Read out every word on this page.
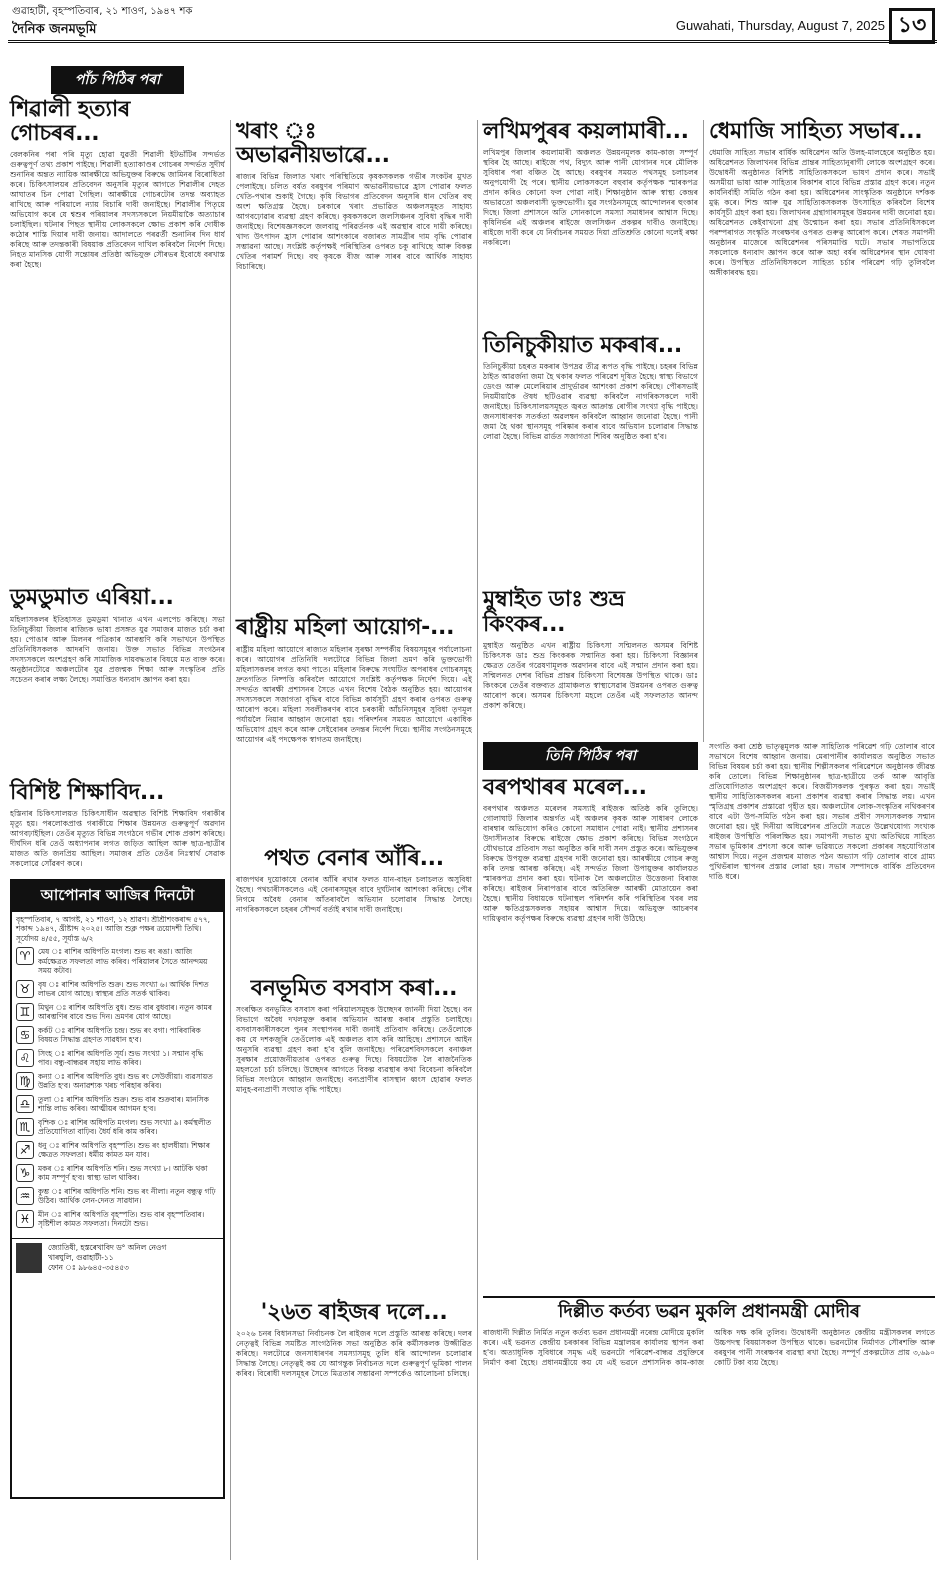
গুৱাহাটী, বৃহস্পতিবাৰ, ২১ শাওণ, ১৯৪৭ শক
দৈনিক জনমভূমি	Guwahati, Thursday, August 7, 2025 ১৩
পাঁচ পিঠিৰ পৰা
শিৱালী হত্যাৰ গোচৰৰ...
বেলকনিৰ পৰা পৰি মৃত্যু হোৱা যুৱতী শিৱালী ইটভাঁটিৰ সন্দৰ্ভত গুৰুত্বপূৰ্ণ তথ্য প্ৰকাশ পাইছে। শিৱালী হত্যাকাণ্ডৰ গোচৰৰ সন্দৰ্ভত সুদীৰ্ঘ শুনানিৰ অন্তত ন্যায়িক আৰক্ষীয়ে অভিযুক্তৰ বিৰুদ্ধে জামিনৰ বিৰোধিতা কৰে। চিকিৎসালয়ৰ প্ৰতিবেদন অনুসৰি মৃত্যুৰ আগতে শিৱালীৰ দেহত আঘাতৰ চিন পোৱা গৈছিল। আৰক্ষীয়ে গোচৰটোৰ তদন্ত অব্যাহত ৰাখিছে আৰু পৰিয়ালে ন্যায় বিচাৰি দাবী জনাইছে। শিৱালীৰ পিতৃয়ে অভিযোগ কৰে যে শ্বশুৰ পৰিয়ালৰ সদস্যসকলে নিয়মীয়াকৈ অত্যাচাৰ চলাইছিল। ঘটনাৰ পিছত স্থানীয় লোকসকলে ক্ষোভ প্ৰকাশ কৰি দোষীক কঠোৰ শাস্তি দিয়াৰ দাবী জনায়। আদালতে পৰৱৰ্তী শুনানিৰ দিন ধাৰ্য কৰিছে আৰু তদন্তকাৰী বিষয়াক প্ৰতিবেদন দাখিল কৰিবলৈ নিৰ্দেশ দিছে। নিহত মানসিক যোগী সন্তোষৰ প্ৰতিষ্ঠা অভিযুক্ত সৌৰভৰ ইবোধে বৰখাস্ত কৰা হৈছে।
ডুমডুমাত এৰিয়া...
মহিলাসকলৰ ইতিহাসত ডুমডুমা খানাত এখন এলপেচ কৰিছে। সভা তিনিচুকীয়া জিলাৰ ৰাজ্যিক ভাষা প্ৰসঙ্গত যুৱ সমাজৰ মাজত চৰ্চা কৰা হয়। পোঙাৰ আৰু মিলনৰ পত্ৰিকাৰ আৰম্ভণি কৰি সভাখনে উপস্থিত প্ৰতিনিধিসকলক আদৰণি জনায়। উক্ত সভাত বিভিন্ন সংগঠনৰ সদস্যসকলে অংশগ্ৰহণ কৰি সামাজিক দায়বদ্ধতাৰ বিষয়ে মত ব্যক্ত কৰে। অনুষ্ঠানটোৱে অঞ্চলটোৰ যুৱ প্ৰজন্মক শিক্ষা আৰু সংস্কৃতিৰ প্ৰতি সচেতন কৰাৰ লক্ষ্য লৈছে। সমাপ্তিত ধন্যবাদ জ্ঞাপন কৰা হয়।
বিশিষ্ট শিক্ষাবিদ...
হস্তিনাৰ চিকিৎসালয়ত চিকিৎসাধীন অৱস্থাত বিশিষ্ট শিক্ষাবিদ গৰাকীৰ মৃত্যু হয়। পৰলোকপ্ৰাপ্ত গৰাকীয়ে শিক্ষাৰ উন্নয়নত গুৰুত্বপূৰ্ণ অৱদান আগবঢ়াইছিল। তেওঁৰ মৃত্যুত বিভিন্ন সংগঠনে গভীৰ শোক প্ৰকাশ কৰিছে। দীৰ্ঘদিন ধৰি তেওঁ অধ্যাপনাৰ লগত জড়িত আছিল আৰু ছাত্ৰ-ছাত্ৰীৰ মাজত অতি জনপ্ৰিয় আছিল। সমাজৰ প্ৰতি তেওঁৰ নিঃস্বাৰ্থ সেৱাক সকলোৱে সোঁৱৰণ কৰে।
আপোনাৰ আজিৰ দিনটো
বৃহস্পতিবাৰ, ৭ আগষ্ট, ২১ শাওণ, ১২ শ্ৰাৱণ। শ্ৰীশ্ৰীশংকৰাব্দ ৫৭৭, শকাব্দ ১৯৪৭, খ্ৰীষ্টাব্দ ২০২৫। আজি শুক্ল পক্ষৰ ত্ৰয়োদশী তিথি। সূৰ্যোদয় ৪/৫৫, সূৰ্যাস্ত ৬/২
♈	মেষ ঃ ৰাশিৰ অধিপতি মংগল। শুভ ৰং ৰঙা। আজি কৰ্মক্ষেত্ৰত সফলতা লাভ কৰিব। পৰিয়ালৰ সৈতে আনন্দময় সময় কটাব।
♉	বৃষ ঃ ৰাশিৰ অধিপতি শুক্ৰ। শুভ সংখ্যা ৬। আৰ্থিক দিশত লাভৰ যোগ আছে। স্বাস্থ্যৰ প্ৰতি সতৰ্ক থাকিব।
♊	মিথুন ঃ ৰাশিৰ অধিপতি বুধ। শুভ বাৰ বুধবাৰ। নতুন কামৰ আৰম্ভণিৰ বাবে শুভ দিন। ভ্ৰমণৰ যোগ আছে।
♋	কৰ্কট ঃ ৰাশিৰ অধিপতি চন্দ্ৰ। শুভ ৰং বগা। পাৰিবাৰিক বিষয়ত সিদ্ধান্ত গ্ৰহণত সাৱধান হ'ব।
♌	সিংহ ঃ ৰাশিৰ অধিপতি সূৰ্য। শুভ সংখ্যা ১। সন্মান বৃদ্ধি পাব। বন্ধু-বান্ধৱৰ সহায় লাভ কৰিব।
♍	কন্যা ঃ ৰাশিৰ অধিপতি বুধ। শুভ ৰং সেউজীয়া। ব্যৱসায়ত উন্নতি হ'ব। অনাৱশ্যক খৰচ পৰিহাৰ কৰিব।
♎	তুলা ঃ ৰাশিৰ অধিপতি শুক্ৰ। শুভ বাৰ শুক্ৰবাৰ। মানসিক শান্তি লাভ কৰিব। আত্মীয়ৰ আগমন হ'ব।
♏	বৃশ্চিক ঃ ৰাশিৰ অধিপতি মংগল। শুভ সংখ্যা ৯। কৰ্মস্থলীত প্ৰতিযোগিতা বাঢ়িব। ধৈৰ্য ধৰি কাম কৰিব।
♐	ধনু ঃ ৰাশিৰ অধিপতি বৃহস্পতি। শুভ ৰং হালধীয়া। শিক্ষাৰ ক্ষেত্ৰত সফলতা। ধৰ্মীয় কামত মন যাব।
♑	মকৰ ঃ ৰাশিৰ অধিপতি শনি। শুভ সংখ্যা ৮। আটকি থকা কাম সম্পূৰ্ণ হ'ব। স্বাস্থ্য ভাল থাকিব।
♒	কুম্ভ ঃ ৰাশিৰ অধিপতি শনি। শুভ ৰং নীলা। নতুন বন্ধুত্ব গঢ়ি উঠিব। আৰ্থিক লেন-দেনত সাৱধান।
♓	মীন ঃ ৰাশিৰ অধিপতি বৃহস্পতি। শুভ বাৰ বৃহস্পতিবাৰ। সৃষ্টিশীল কামত সফলতা। দিনটো শুভ।
জ্যোতিষী, হস্তৰেখাবিদ ড° অনিল নেওগ
খাৰঘুলি, গুৱাহাটী-১১
ফোন ঃ ৯৮৬৪৫-৩৫৪৫৩
খৰাং ঃ অভাৱনীয়ভাৱে...
ৰাজ্যৰ বিভিন্ন জিলাত খৰাং পৰিস্থিতিয়ে কৃষকসকলক গভীৰ সংকটৰ মুখত পেলাইছে। চলিত বৰ্ষত বৰষুণৰ পৰিমাণ অভাৱনীয়ভাৱে হ্ৰাস পোৱাৰ ফলত খেতি-পথাৰ শুকাই গৈছে। কৃষি বিভাগৰ প্ৰতিবেদন অনুসৰি ধান খেতিৰ বহু অংশ ক্ষতিগ্ৰস্ত হৈছে। চৰকাৰে খৰাং প্ৰভাৱিত অঞ্চলসমূহত সাহায্য আগবঢ়োৱাৰ ব্যৱস্থা গ্ৰহণ কৰিছে। কৃষকসকলে জলসিঞ্চনৰ সুবিধা বৃদ্ধিৰ দাবী জনাইছে। বিশেষজ্ঞসকলে জলবায়ু পৰিৱৰ্তনক এই অৱস্থাৰ বাবে দায়ী কৰিছে। খাদ্য উৎপাদন হ্ৰাস পোৱাৰ আশংকাৰে বজাৰত সামগ্ৰীৰ দাম বৃদ্ধি পোৱাৰ সম্ভাৱনা আছে। সংশ্লিষ্ট কৰ্তৃপক্ষই পৰিস্থিতিৰ ওপৰত চকু ৰাখিছে আৰু বিকল্প খেতিৰ পৰামৰ্শ দিছে। বহু কৃষকে বীজ আৰু সাৰৰ বাবে আৰ্থিক সাহায্য বিচাৰিছে।
ৰাষ্ট্ৰীয় মহিলা আয়োগ-...
ৰাষ্ট্ৰীয় মহিলা আয়োগে ৰাজ্যত মহিলাৰ সুৰক্ষা সম্পৰ্কীয় বিষয়সমূহৰ পৰ্যালোচনা কৰে। আয়োগৰ প্ৰতিনিধি দলটোৱে বিভিন্ন জিলা ভ্ৰমণ কৰি ভুক্তভোগী মহিলাসকলৰ লগত কথা পাতে। মহিলাৰ বিৰুদ্ধে সংঘটিত অপৰাধৰ গোচৰসমূহ দ্ৰুতগতিত নিষ্পত্তি কৰিবলৈ আয়োগে সংশ্লিষ্ট কৰ্তৃপক্ষক নিৰ্দেশ দিয়ে। এই সন্দৰ্ভত আৰক্ষী প্ৰশাসনৰ সৈতে এখন বিশেষ বৈঠক অনুষ্ঠিত হয়। আয়োগৰ সদস্যসকলে সজাগতা বৃদ্ধিৰ বাবে বিভিন্ন কাৰ্যসূচী গ্ৰহণ কৰাৰ ওপৰত গুৰুত্ব আৰোপ কৰে। মহিলা সবলীকৰণৰ বাবে চৰকাৰী আঁচনিসমূহৰ সুবিধা তৃণমূল পৰ্যায়লৈ নিয়াৰ আহ্বান জনোৱা হয়। পৰিদৰ্শনৰ সময়ত আয়োগে একাধিক অভিযোগ গ্ৰহণ কৰে আৰু সেইবোৰৰ তদন্তৰ নিৰ্দেশ দিয়ে। স্থানীয় সংগঠনসমূহে আয়োগৰ এই পদক্ষেপক স্বাগতম জনাইছে।
পথত বেনাৰ আঁৰি...
ৰাজপথৰ দুয়োকাষে বেনাৰ আঁৰি ৰখাৰ ফলত যান-বাহন চলাচলত অসুবিধা হৈছে। পথচাৰীসকলেও এই বেনাৰসমূহৰ বাবে দুৰ্ঘটনাৰ আশংকা কৰিছে। পৌৰ নিগমে অবৈধ বেনাৰ আঁতৰাবলৈ অভিযান চলোৱাৰ সিদ্ধান্ত লৈছে। নাগৰিকসকলে চহৰৰ সৌন্দৰ্য বৰ্তাই ৰখাৰ দাবী জনাইছে।
বনভূমিত বসবাস কৰা...
সংৰক্ষিত বনভূমিত বসবাস কৰা পৰিয়ালসমূহক উচ্ছেদৰ জাননী দিয়া হৈছে। বন বিভাগে অবৈধ দখলমুক্ত কৰাৰ অভিযান আৰম্ভ কৰাৰ প্ৰস্তুতি চলাইছে। বসবাসকাৰীসকলে পুনৰ সংস্থাপনৰ দাবী জনাই প্ৰতিবাদ কৰিছে। তেওঁলোকে কয় যে দশকজুৰি তেওঁলোক এই অঞ্চলত বাস কৰি আহিছে। প্ৰশাসনে আইন অনুসৰি ব্যৱস্থা গ্ৰহণ কৰা হ'ব বুলি জনাইছে। পৰিৱেশবিদসকলে বনাঞ্চল সুৰক্ষাৰ প্ৰয়োজনীয়তাৰ ওপৰত গুৰুত্ব দিছে। বিষয়টোক লৈ ৰাজনৈতিক মহলতো চৰ্চা চলিছে। উচ্ছেদৰ আগতে বিকল্প ব্যৱস্থাৰ কথা বিবেচনা কৰিবলৈ বিভিন্ন সংগঠনে আহ্বান জনাইছে। বন্যপ্ৰাণীৰ বাসস্থান ধ্বংস হোৱাৰ ফলত মানুহ-বন্যপ্ৰাণী সংঘাত বৃদ্ধি পাইছে।
'২৬ত ৰাইজৰ দলে...
২০২৬ চনৰ বিধানসভা নিৰ্বাচনক লৈ ৰাইজৰ দলে প্ৰস্তুতি আৰম্ভ কৰিছে। দলৰ নেতৃত্বই বিভিন্ন সমষ্টিত সাংগঠনিক সভা অনুষ্ঠিত কৰি কৰ্মীসকলক উজ্জীৱিত কৰিছে। দলটোৱে জনসাধাৰণৰ সমস্যাসমূহ তুলি ধৰি আন্দোলন চলোৱাৰ সিদ্ধান্ত লৈছে। নেতৃত্বই কয় যে আগন্তুক নিৰ্বাচনত দলে গুৰুত্বপূৰ্ণ ভূমিকা পালন কৰিব। বিৰোধী দলসমূহৰ সৈতে মিত্ৰতাৰ সম্ভাৱনা সম্পৰ্কেও আলোচনা চলিছে।
লখিমপুৰৰ কয়লামাৰী...
লখিমপুৰ জিলাৰ কয়লামাৰী অঞ্চলত উন্নয়নমূলক কাম-কাজ সম্পূৰ্ণ স্থবিৰ হৈ আছে। ৰাইজে পথ, বিদ্যুৎ আৰু পানী যোগানৰ দৰে মৌলিক সুবিধাৰ পৰা বঞ্চিত হৈ আছে। বৰষুণৰ সময়ত পথসমূহ চলাচলৰ অনুপযোগী হৈ পৰে। স্থানীয় লোকসকলে বহুবাৰ কৰ্তৃপক্ষক স্মাৰকপত্ৰ প্ৰদান কৰিও কোনো ফল পোৱা নাই। শিক্ষানুষ্ঠান আৰু স্বাস্থ্য কেন্দ্ৰৰ অভাৱতো অঞ্চলবাসী ভুক্তভোগী। যুৱ সংগঠনসমূহে আন্দোলনৰ হুংকাৰ দিছে। জিলা প্ৰশাসনে অতি সোনকালে সমস্যা সমাধানৰ আশ্বাস দিছে। কৃষিনিৰ্ভৰ এই অঞ্চলৰ ৰাইজে জলসিঞ্চন প্ৰকল্পৰ দাবীও জনাইছে। ৰাইজে দাবী কৰে যে নিৰ্বাচনৰ সময়ত দিয়া প্ৰতিশ্ৰুতি কোনো দলেই ৰক্ষা নকৰিলে।
তিনিচুকীয়াত মকৰাৰ...
তিনিচুকীয়া চহৰত মকৰাৰ উপদ্ৰৱ তীব্ৰ ৰূপত বৃদ্ধি পাইছে। চহৰৰ বিভিন্ন ঠাইত আৱৰ্জনা জমা হৈ থকাৰ ফলত পৰিৱেশ দূষিত হৈছে। স্বাস্থ্য বিভাগে ডেংগু আৰু মেলেৰিয়াৰ প্ৰাদুৰ্ভাৱৰ আশংকা প্ৰকাশ কৰিছে। পৌৰসভাই নিয়মীয়াকৈ ঔষধ ছটিওৱাৰ ব্যৱস্থা কৰিবলৈ নাগৰিকসকলে দাবী জনাইছে। চিকিৎসালয়সমূহত জ্বৰত আক্ৰান্ত ৰোগীৰ সংখ্যা বৃদ্ধি পাইছে। জনসাধাৰণক সতৰ্কতা অৱলম্বন কৰিবলৈ আহ্বান জনোৱা হৈছে। পানী জমা হৈ থকা স্থানসমূহ পৰিষ্কাৰ কৰাৰ বাবে অভিযান চলোৱাৰ সিদ্ধান্ত লোৱা হৈছে। বিভিন্ন ৱাৰ্ডত সজাগতা শিবিৰ অনুষ্ঠিত কৰা হ'ব।
মুম্বাইত ডাঃ শুভ্ৰ কিংকৰ...
মুম্বাইত অনুষ্ঠিত এখন ৰাষ্ট্ৰীয় চিকিৎসা সন্মিলনত অসমৰ বিশিষ্ট চিকিৎসক ডাঃ শুভ্ৰ কিংকৰক সন্মানিত কৰা হয়। চিকিৎসা বিজ্ঞানৰ ক্ষেত্ৰত তেওঁৰ গৱেষণামূলক অৱদানৰ বাবে এই সন্মান প্ৰদান কৰা হয়। সন্মিলনত দেশৰ বিভিন্ন প্ৰান্তৰ চিকিৎসা বিশেষজ্ঞ উপস্থিত থাকে। ডাঃ কিংকৰে তেওঁৰ বক্তব্যত গ্ৰামাঞ্চলত স্বাস্থ্যসেৱাৰ উন্নয়নৰ ওপৰত গুৰুত্ব আৰোপ কৰে। অসমৰ চিকিৎসা মহলে তেওঁৰ এই সফলতাত আনন্দ প্ৰকাশ কৰিছে।
ধেমাজি সাহিত্য সভাৰ...
ধেমাজি সাহিত্য সভাৰ বাৰ্ষিক অধিৱেশন অতি উলহ-মালহেৰে অনুষ্ঠিত হয়। অধিৱেশনত জিলাখনৰ বিভিন্ন প্ৰান্তৰ সাহিত্যানুৰাগী লোকে অংশগ্ৰহণ কৰে। উদ্বোধনী অনুষ্ঠানত বিশিষ্ট সাহিত্যিকসকলে ভাষণ প্ৰদান কৰে। সভাই অসমীয়া ভাষা আৰু সাহিত্যৰ বিকাশৰ বাবে বিভিন্ন প্ৰস্তাৱ গ্ৰহণ কৰে। নতুন কাৰ্যনিৰ্বাহী সমিতি গঠন কৰা হয়। অধিৱেশনৰ সাংস্কৃতিক অনুষ্ঠানে দৰ্শকক মুগ্ধ কৰে। শিশু আৰু যুৱ সাহিত্যিকসকলক উৎসাহিত কৰিবলৈ বিশেষ কাৰ্যসূচী গ্ৰহণ কৰা হয়। জিলাখনৰ গ্ৰন্থাগাৰসমূহৰ উন্নয়নৰ দাবী জনোৱা হয়। অধিৱেশনত কেইবাখনো গ্ৰন্থ উন্মোচন কৰা হয়। সভাৰ প্ৰতিনিধিসকলে পৰম্পৰাগত সংস্কৃতি সংৰক্ষণৰ ওপৰত গুৰুত্ব আৰোপ কৰে। শেষত সমাপনী অনুষ্ঠানৰ মাজেৰে অধিৱেশনৰ পৰিসমাপ্তি ঘটে। সভাৰ সভাপতিয়ে সকলোকে ধন্যবাদ জ্ঞাপন কৰে আৰু অহা বৰ্ষৰ অধিৱেশনৰ স্থান ঘোষণা কৰে। উপস্থিত প্ৰতিনিধিসকলে সাহিত্য চৰ্চাৰ পৰিৱেশ গঢ়ি তুলিবলৈ অঙ্গীকাৰবদ্ধ হয়।
তিনি পিঠিৰ পৰা
বৰপথাৰৰ মৰেল...
বৰপথাৰ অঞ্চলত মৰেলৰ সমস্যাই ৰাইজক অতিষ্ঠ কৰি তুলিছে। গোলাঘাট জিলাৰ অন্তৰ্গত এই অঞ্চলৰ কৃষক আৰু সাধাৰণ লোকে বাৰম্বাৰ অভিযোগ কৰিও কোনো সমাধান পোৱা নাই। স্থানীয় প্ৰশাসনৰ উদাসীনতাৰ বিৰুদ্ধে ৰাইজে ক্ষোভ প্ৰকাশ কৰিছে। বিভিন্ন সংগঠনে যৌথভাৱে প্ৰতিবাদ সভা অনুষ্ঠিত কৰি দাবী সনদ প্ৰস্তুত কৰে। অভিযুক্তৰ বিৰুদ্ধে উপযুক্ত ব্যৱস্থা গ্ৰহণৰ দাবী জনোৱা হয়। আৰক্ষীয়ে গোচৰ ৰুজু কৰি তদন্ত আৰম্ভ কৰিছে। এই সন্দৰ্ভত জিলা উপায়ুক্তৰ কাৰ্যালয়ত স্মাৰকপত্ৰ প্ৰদান কৰা হয়। ঘটনাক লৈ অঞ্চলটোত উত্তেজনা বিৰাজ কৰিছে। ৰাইজৰ নিৰাপত্তাৰ বাবে অতিৰিক্ত আৰক্ষী মোতায়েন কৰা হৈছে। স্থানীয় বিধায়কে ঘটনাস্থল পৰিদৰ্শন কৰি পৰিস্থিতিৰ খবৰ লয় আৰু ক্ষতিগ্ৰস্তসকলক সহায়ৰ আশ্বাস দিয়ে। অভিযুক্ত আচৰণৰ দায়িত্ববান কৰ্তৃপক্ষৰ বিৰুদ্ধে ব্যৱস্থা গ্ৰহণৰ দাবী উঠিছে।
সংগতি কৰা শ্ৰেষ্ঠ ভাতৃত্বমূলক আৰু সাহিত্যিক পৰিৱেশ গঢ়ি তোলাৰ বাবে সভাখনে বিশেষ আহ্বান জনায়। মেৰাপানীৰ কাৰ্যালয়ত অনুষ্ঠিত সভাত বিভিন্ন বিষয়ৰ চৰ্চা কৰা হয়। স্থানীয় শিল্পীসকলৰ পৰিৱেশনে অনুষ্ঠানক জীৱন্ত কৰি তোলে। বিভিন্ন শিক্ষানুষ্ঠানৰ ছাত্ৰ-ছাত্ৰীয়ে তৰ্ক আৰু আবৃত্তি প্ৰতিযোগিতাত অংশগ্ৰহণ কৰে। বিজয়ীসকলক পুৰস্কৃত কৰা হয়। সভাই স্থানীয় সাহিত্যিকসকলৰ ৰচনা প্ৰকাশৰ ব্যৱস্থা কৰাৰ সিদ্ধান্ত লয়। এখন স্মৃতিগ্ৰন্থ প্ৰকাশৰ প্ৰস্তাৱো গৃহীত হয়। অঞ্চলটোৰ লোক-সংস্কৃতিৰ নথিকৰণৰ বাবে এটা উপ-সমিতি গঠন কৰা হয়। সভাৰ প্ৰবীণ সদস্যসকলক সন্মান জনোৱা হয়। দুই দিনীয়া অধিৱেশনৰ প্ৰতিটো সত্ৰতে উল্লেখযোগ্য সংখ্যক ৰাইজৰ উপস্থিতি পৰিলক্ষিত হয়। সমাপনী সভাত মুখ্য অতিথিয়ে সাহিত্য সভাৰ ভূমিকাৰ প্ৰশংসা কৰে আৰু ভৱিষ্যতে সকলো প্ৰকাৰৰ সহযোগিতাৰ আশ্বাস দিয়ে। নতুন প্ৰজন্মৰ মাজত পঠন অভ্যাস গঢ়ি তোলাৰ বাবে গ্ৰাম্য পুথিভঁৰাল স্থাপনৰ প্ৰস্তাৱ লোৱা হয়। সভাৰ সম্পাদকে বাৰ্ষিক প্ৰতিবেদন দাঙি ধৰে।
দিল্লীত কৰ্তব্য ভৱন মুকলি প্ৰধানমন্ত্ৰী মোদীৰ
ৰাজধানী দিল্লীত নিৰ্মিত নতুন কৰ্তব্য ভৱন প্ৰধানমন্ত্ৰী নৰেন্দ্ৰ মোদীয়ে মুকলি কৰে। এই ভৱনত কেন্দ্ৰীয় চৰকাৰৰ বিভিন্ন মন্ত্ৰালয়ৰ কাৰ্যালয় স্থাপন কৰা হ'ব। অত্যাধুনিক সুবিধাৰে সমৃদ্ধ এই ভৱনটো পৰিৱেশ-বান্ধৱ প্ৰযুক্তিৰে নিৰ্মাণ কৰা হৈছে। প্ৰধানমন্ত্ৰীয়ে কয় যে এই ভৱনে প্ৰশাসনিক কাম-কাজ অধিক দক্ষ কৰি তুলিব। উদ্বোধনী অনুষ্ঠানত কেন্দ্ৰীয় মন্ত্ৰীসকলৰ লগতে উচ্চপদস্থ বিষয়াসকল উপস্থিত থাকে। ভৱনটোৰ নিৰ্মাণত সৌৰশক্তি আৰু বৰষুণৰ পানী সংৰক্ষণৰ ব্যৱস্থা ৰখা হৈছে। সম্পূৰ্ণ প্ৰকল্পটোত প্ৰায় ৩,৬৯০ কোটি টকা ব্যয় হৈছে।
